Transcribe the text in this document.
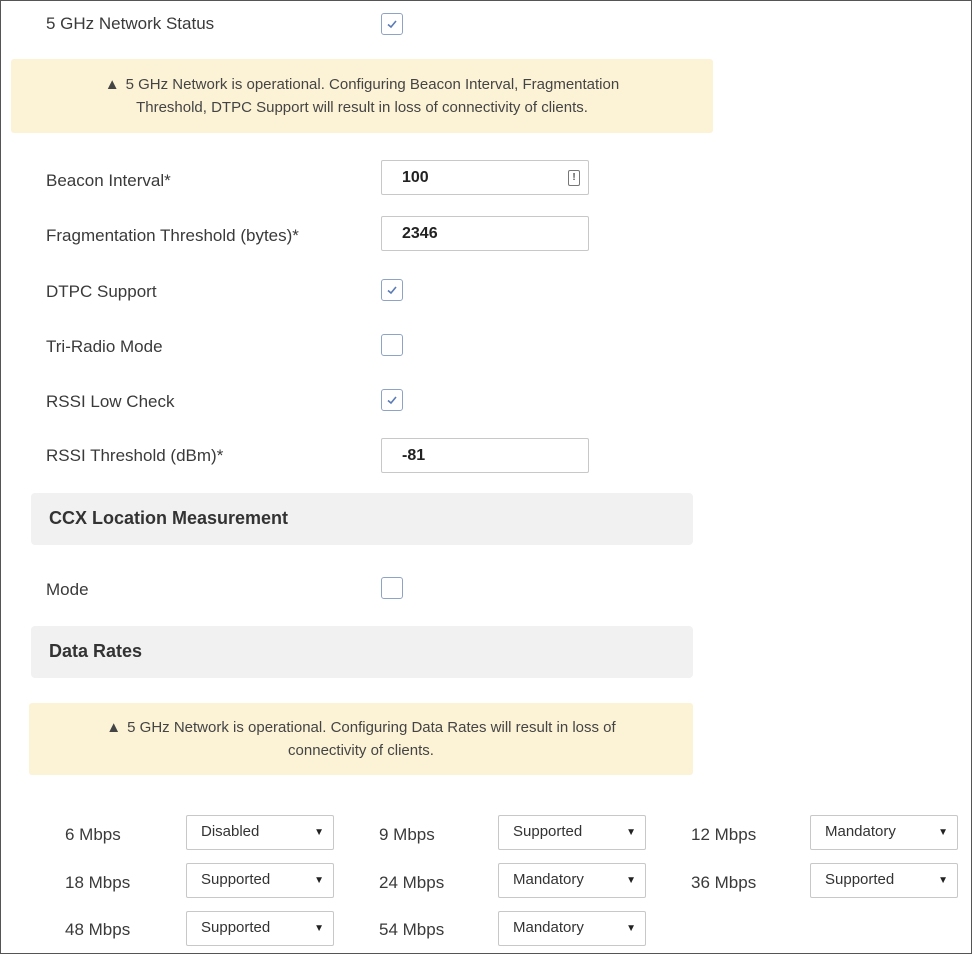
5 GHz Network Status
▲ 5 GHz Network is operational. Configuring Beacon Interval, Fragmentation
Threshold, DTPC Support will result in loss of connectivity of clients.
Beacon Interval*	100	!
Fragmentation Threshold (bytes)*	2346
DTPC Support
Tri-Radio Mode
RSSI Low Check
RSSI Threshold (dBm)*	-81
CCX Location Measurement
Mode
Data Rates
▲ 5 GHz Network is operational. Configuring Data Rates will result in loss of
connectivity of clients.
6 Mbps	Disabled	▼	9 Mbps	Supported	▼	12 Mbps	Mandatory	▼
18 Mbps	Supported	▼	24 Mbps	Mandatory	▼	36 Mbps	Supported	▼
48 Mbps	Supported	▼	54 Mbps	Mandatory	▼
